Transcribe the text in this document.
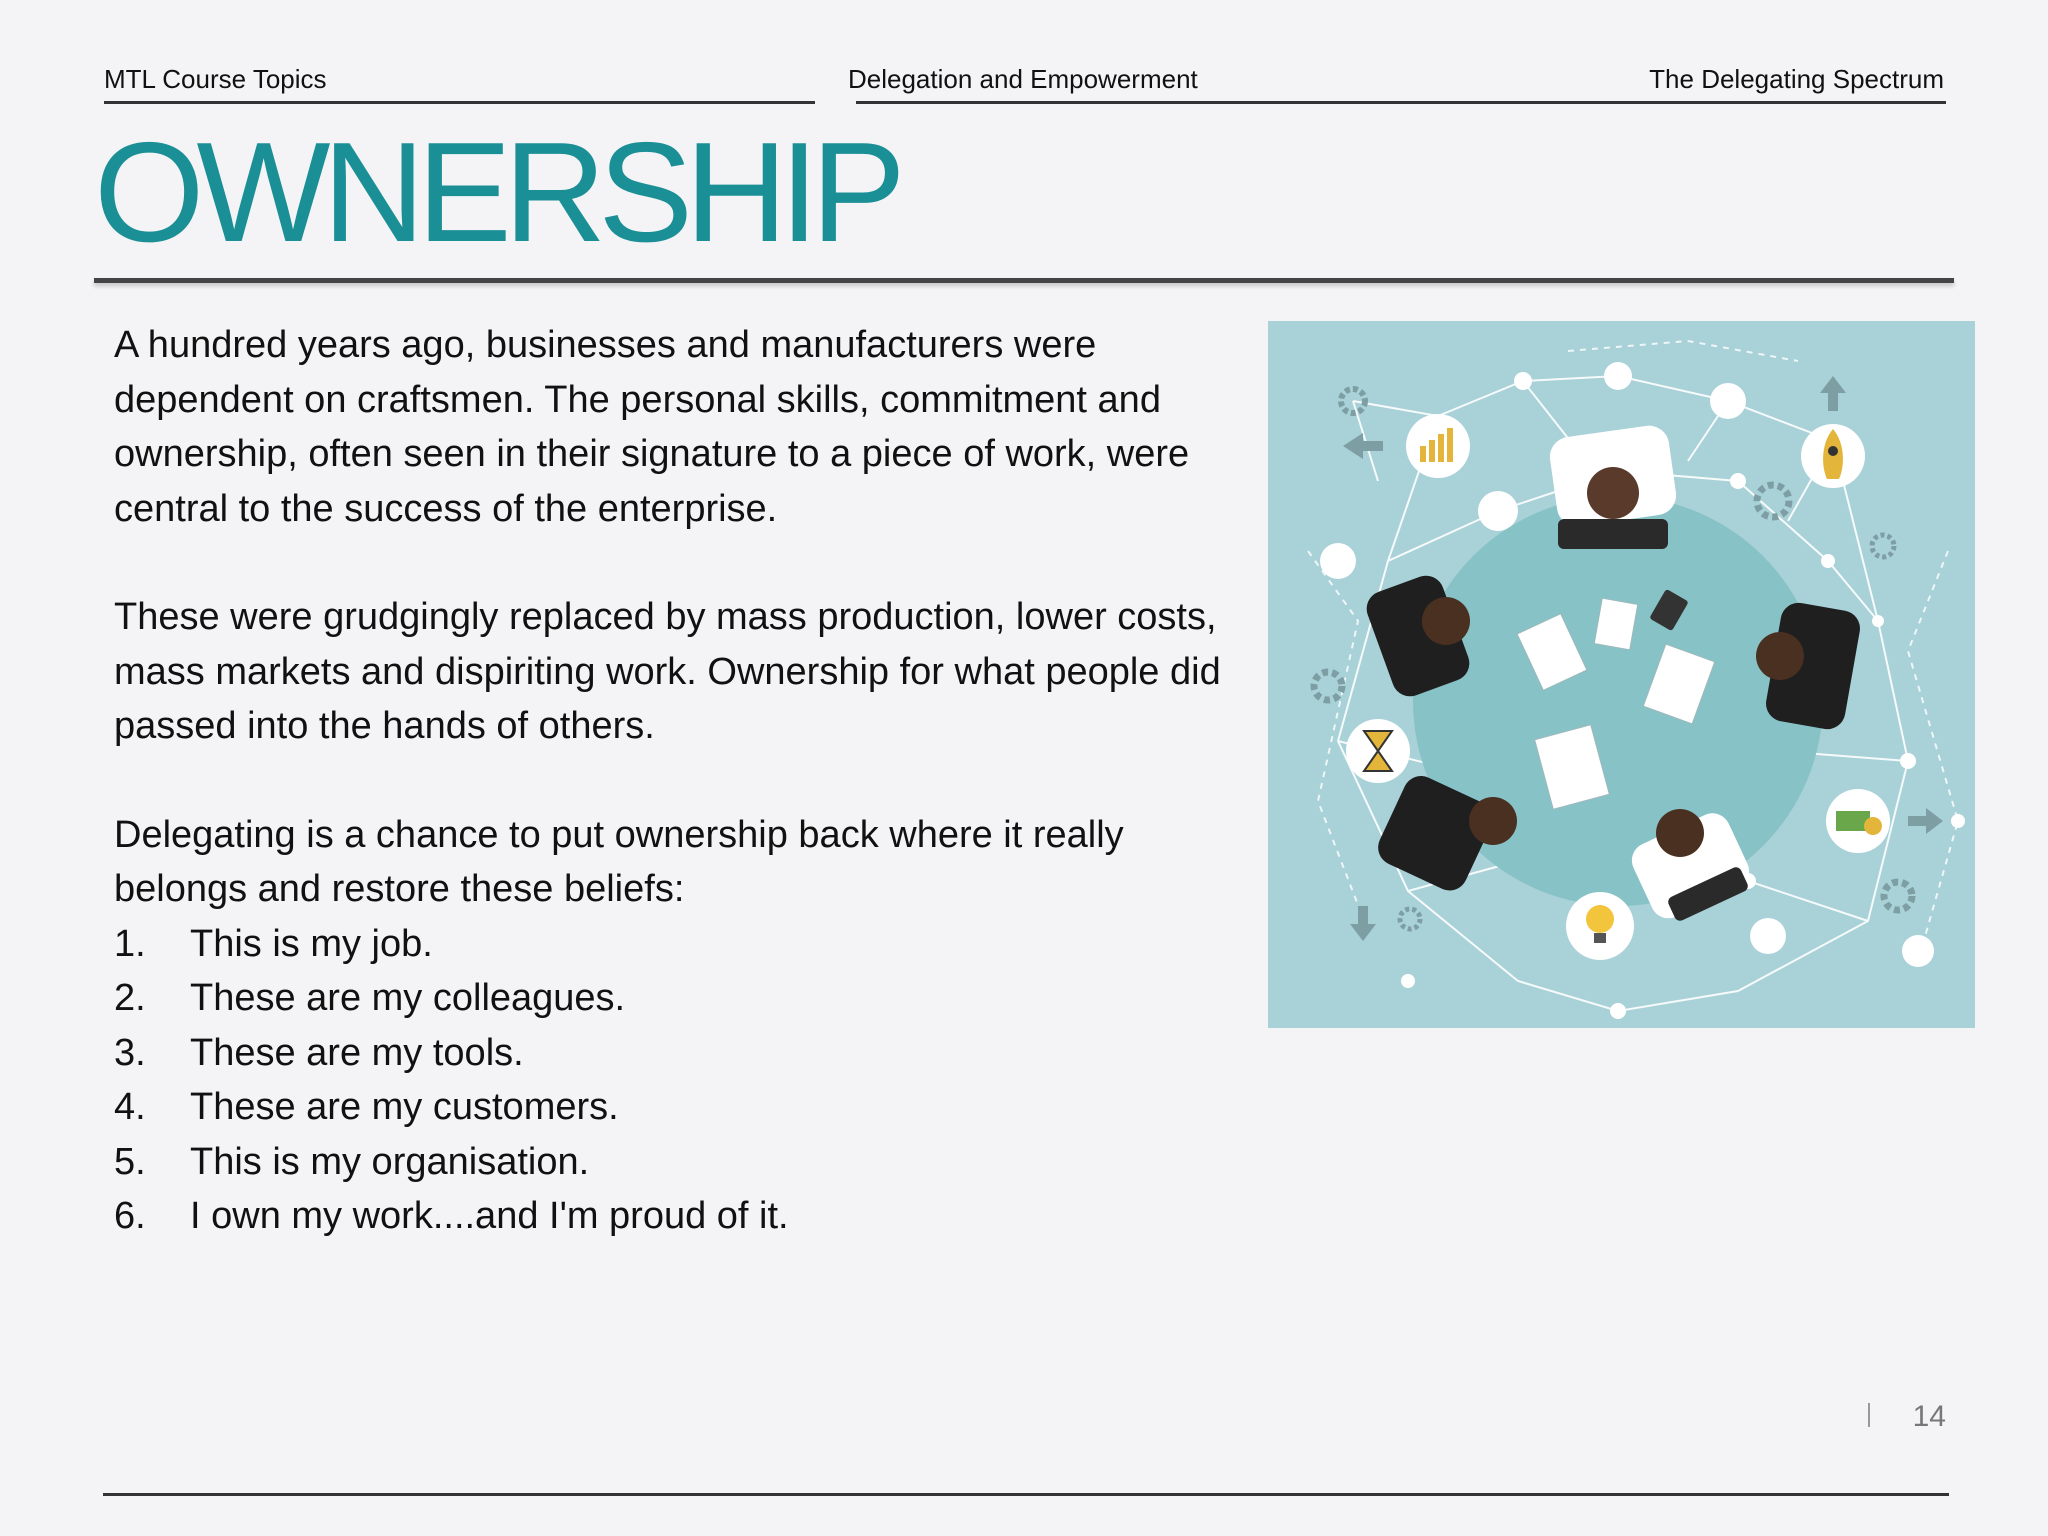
MTL Course Topics	Delegation and Empowerment	The Delegating Spectrum
OWNERSHIP

A hundred years ago, businesses and manufacturers were dependent on craftsmen. The personal skills, commitment and ownership, often seen in their signature to a piece of work, were central to the success of the enterprise.

These were grudgingly replaced by mass production, lower costs, mass markets and dispiriting work. Ownership for what people did passed into the hands of others.

Delegating is a chance to put ownership back where it really belongs and restore these beliefs:

1.	This is my job.
2.	These are my colleagues.
3.	These are my tools.
4.	These are my customers.
5.	This is my organisation.
6.	I own my work....and I'm proud of it.
14
